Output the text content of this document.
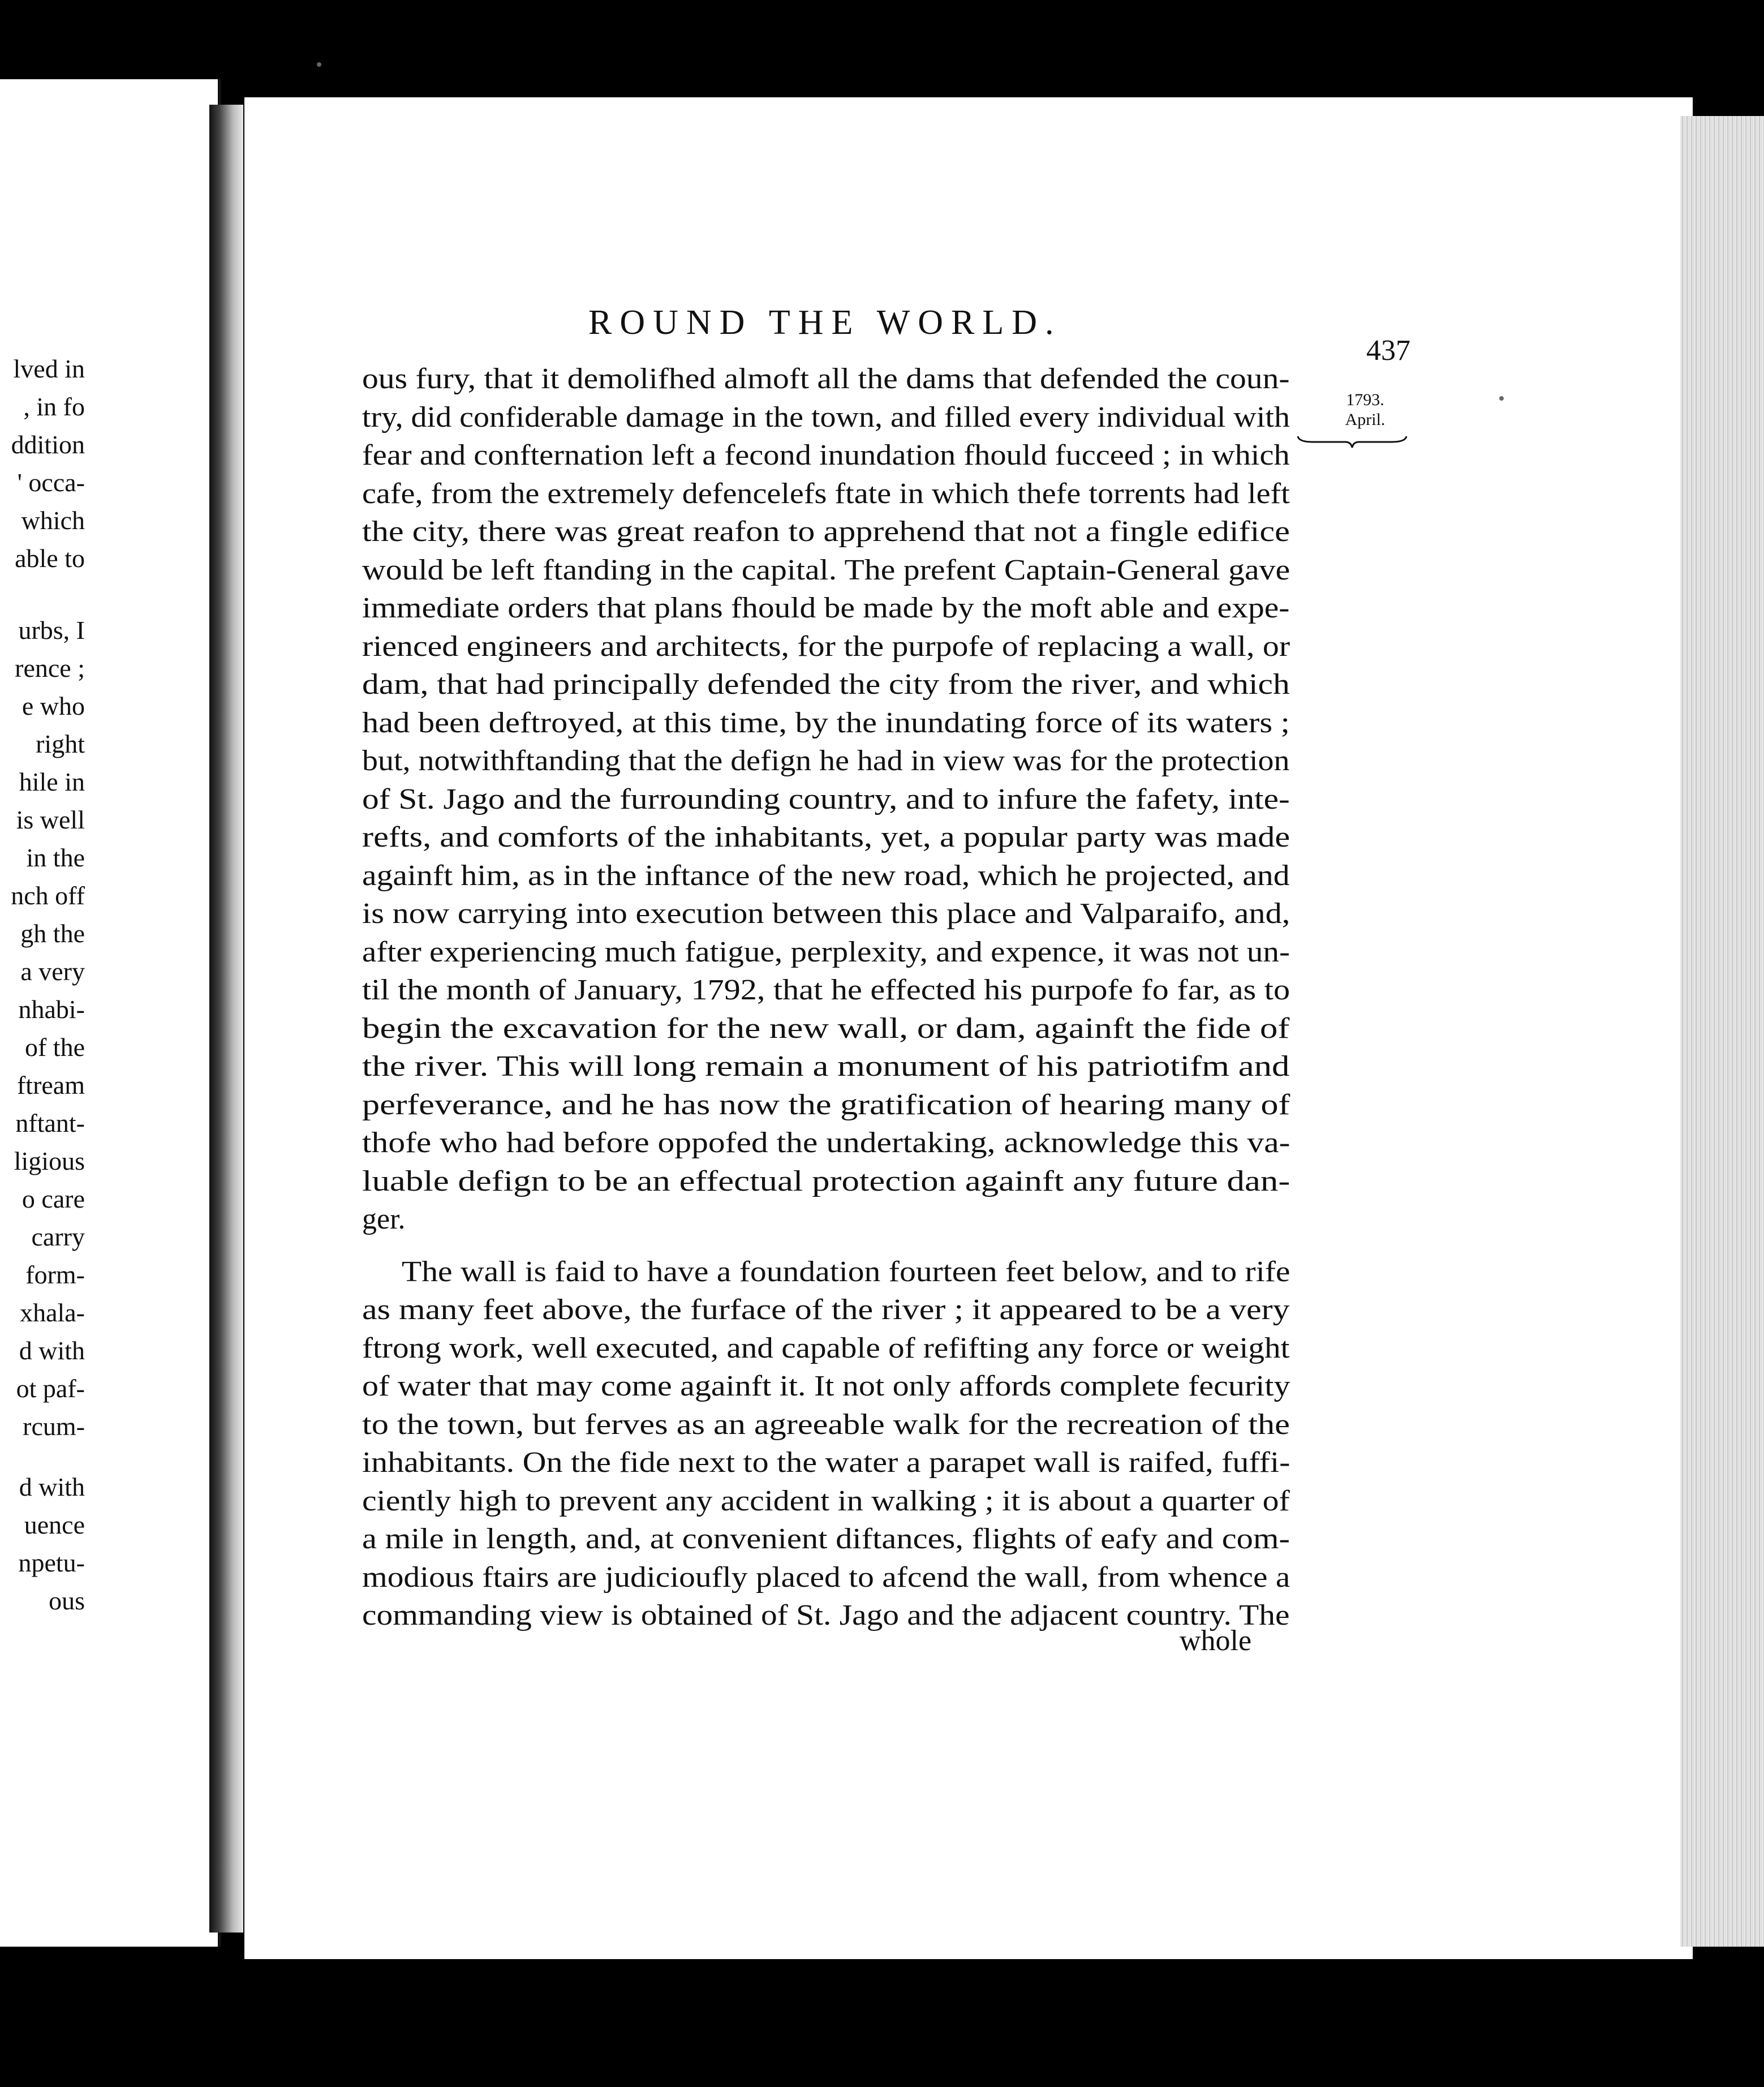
lved in
, in fo
ddition
' occa-
which
able to
urbs, I
rence ;
e who
right
hile in
is well
in the
nch off
gh the
a very
nhabi-
of the
ftream
nftant-
ligious
o care
carry
form-
xhala-
d with
ot paf-
rcum-
d with
uence
npetu-
ous
ROUND THE WORLD.
437
1793.
April.
ous fury, that it demolifhed almoft all the dams that defended the coun-
try, did confiderable damage in the town, and filled every individual with
fear and confternation left a fecond inundation fhould fucceed ; in which
cafe, from the extremely defencelefs ftate in which thefe torrents had left
the city, there was great reafon to apprehend that not a fingle edifice
would be left ftanding in the capital. The prefent Captain-General gave
immediate orders that plans fhould be made by the moft able and expe-
rienced engineers and architects, for the purpofe of replacing a wall, or
dam, that had principally defended the city from the river, and which
had been deftroyed, at this time, by the inundating force of its waters ;
but, notwithftanding that the defign he had in view was for the protection
of St. Jago and the furrounding country, and to infure the fafety, inte-
refts, and comforts of the inhabitants, yet, a popular party was made
againft him, as in the inftance of the new road, which he projected, and
is now carrying into execution between this place and Valparaifo, and,
after experiencing much fatigue, perplexity, and expence, it was not un-
til the month of January, 1792, that he effected his purpofe fo far, as to
begin the excavation for the new wall, or dam, againft the fide of
the river. This will long remain a monument of his patriotifm and
perfeverance, and he has now the gratification of hearing many of
thofe who had before oppofed the undertaking, acknowledge this va-
luable defign to be an effectual protection againft any future dan-
ger.
The wall is faid to have a foundation fourteen feet below, and to rife
as many feet above, the furface of the river ; it appeared to be a very
ftrong work, well executed, and capable of refifting any force or weight
of water that may come againft it. It not only affords complete fecurity
to the town, but ferves as an agreeable walk for the recreation of the
inhabitants. On the fide next to the water a parapet wall is raifed, fuffi-
ciently high to prevent any accident in walking ; it is about a quarter of
a mile in length, and, at convenient diftances, flights of eafy and com-
modious ftairs are judicioufly placed to afcend the wall, from whence a
commanding view is obtained of St. Jago and the adjacent country. The
whole
